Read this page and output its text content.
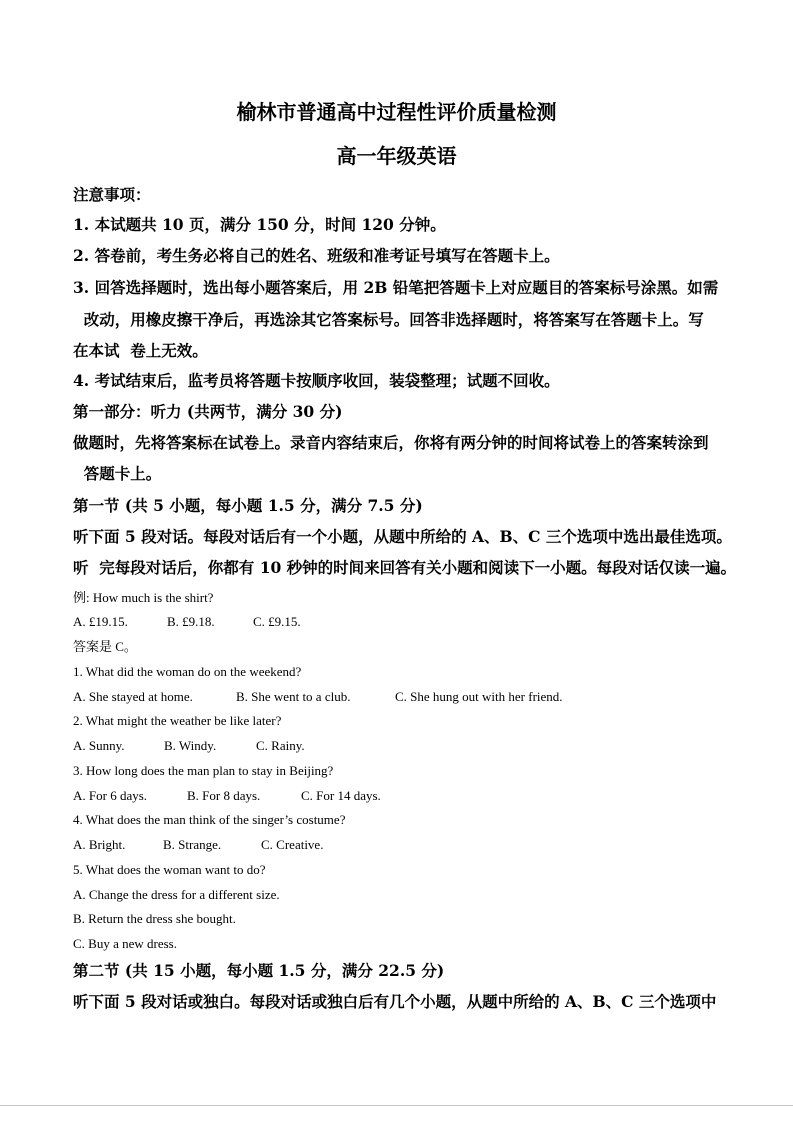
榆林市普通高中过程性评价质量检测
高一年级英语
注意事项：
1. 本试题共 10 页，满分 150 分，时间 120 分钟。
2. 答卷前，考生务必将自己的姓名、班级和准考证号填写在答题卡上。
3. 回答选择题时，选出每小题答案后，用 2B 铅笔把答题卡上对应题目的答案标号涂黑。如需
改动，用橡皮擦干净后，再选涂其它答案标号。回答非选择题时，将答案写在答题卡上。写
在本试  卷上无效。
4. 考试结束后，监考员将答题卡按顺序收回，装袋整理；试题不回收。
第一部分：听力 (共两节，满分 30 分)
做题时，先将答案标在试卷上。录音内容结束后，你将有两分钟的时间将试卷上的答案转涂到
答题卡上。
第一节 (共 5 小题，每小题 1.5 分，满分 7.5 分)
听下面 5 段对话。每段对话后有一个小题，从题中所给的 A、B、C 三个选项中选出最佳选项。
听  完每段对话后，你都有 10 秒钟的时间来回答有关小题和阅读下一小题。每段对话仅读一遍。
例: How much is the shirt?
A. £19.15.	B. £9.18.	C. £9.15.
答案是 C。
1. What did the woman do on the weekend?
A. She stayed at home.	B. She went to a club.	C. She hung out with her friend.
2. What might the weather be like later?
A. Sunny.	B. Windy.	C. Rainy.
3. How long does the man plan to stay in Beijing?
A. For 6 days.	B. For 8 days.	C. For 14 days.
4. What does the man think of the singer’s costume?
A. Bright.	B. Strange.	C. Creative.
5. What does the woman want to do?
A. Change the dress for a different size.
B. Return the dress she bought.
C. Buy a new dress.
第二节 (共 15 小题，每小题 1.5 分，满分 22.5 分)
听下面 5 段对话或独白。每段对话或独白后有几个小题，从题中所给的 A、B、C 三个选项中
